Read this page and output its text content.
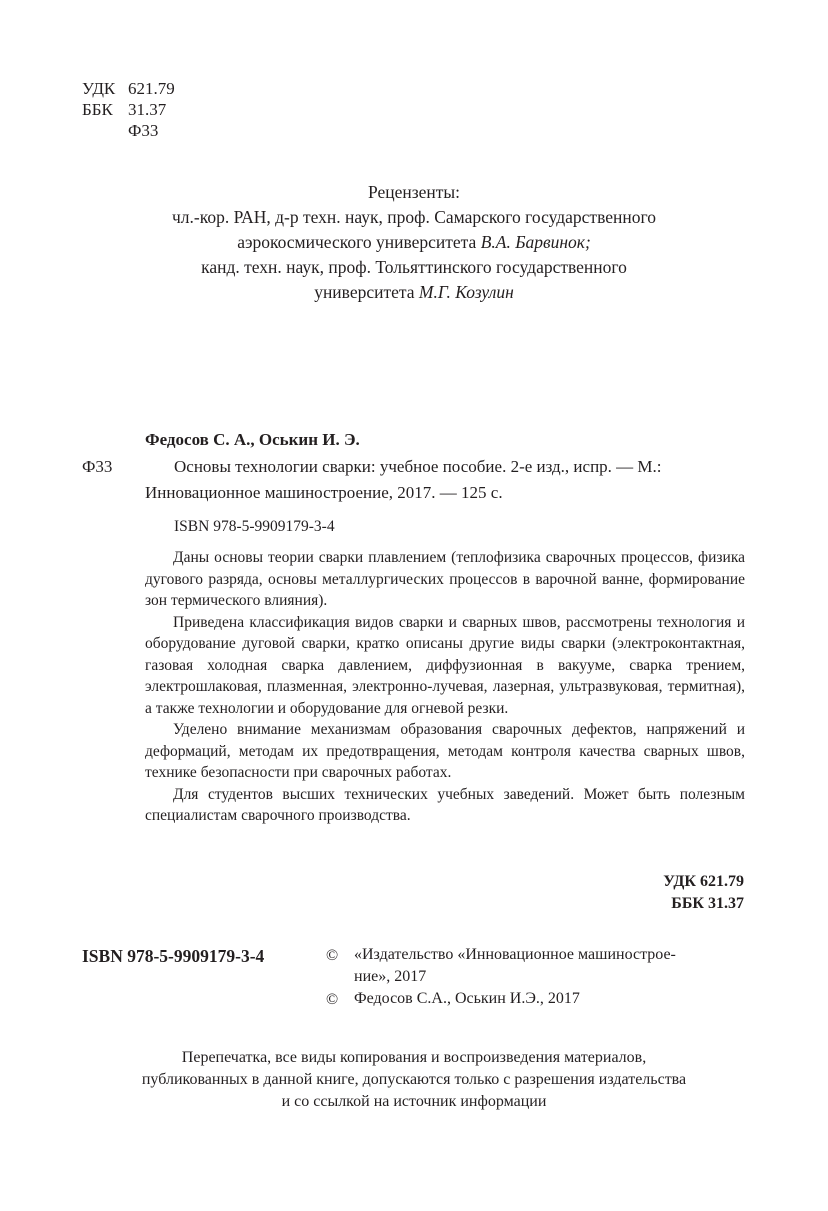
УДК 621.79
ББК 31.37
Ф33
Рецензенты:
чл.-кор. РАН, д-р техн. наук, проф. Самарского государственного
аэрокосмического университета В.А. Барвинок;
канд. техн. наук, проф. Тольяттинского государственного
университета М.Г. Козулин
Федосов С. А., Оськин И. Э.
Ф33	Основы технологии сварки: учебное пособие. 2-е изд., испр. — М.:
Инновационное машиностроение, 2017. — 125 с.
ISBN 978-5-9909179-3-4

Даны основы теории сварки плавлением (теплофизика сварочных процессов, физика дугового разряда, основы металлургических процессов в варочной ванне, формирование зон термического влияния).

Приведена классификация видов сварки и сварных швов, рассмотрены технология и оборудование дуговой сварки, кратко описаны другие виды сварки (электроконтактная, газовая холодная сварка давлением, диффузионная в вакууме, сварка трением, электрошлаковая, плазменная, электронно-лучевая, лазерная, ультразвуковая, термитная), а также технологии и оборудование для огневой резки.

Уделено внимание механизмам образования сварочных дефектов, напряжений и деформаций, методам их предотвращения, методам контроля качества сварных швов, технике безопасности при сварочных работах.

Для студентов высших технических учебных заведений. Может быть полезным специалистам сварочного производства.

УДК 621.79
ББК 31.37
ISBN 978-5-9909179-3-4	© «Издательство «Инновационное машинострое-
ние», 2017
© Федосов С.А., Оськин И.Э., 2017
Перепечатка, все виды копирования и воспроизведения материалов,
публикованных в данной книге, допускаются только с разрешения издательства
и со ссылкой на источник информации
